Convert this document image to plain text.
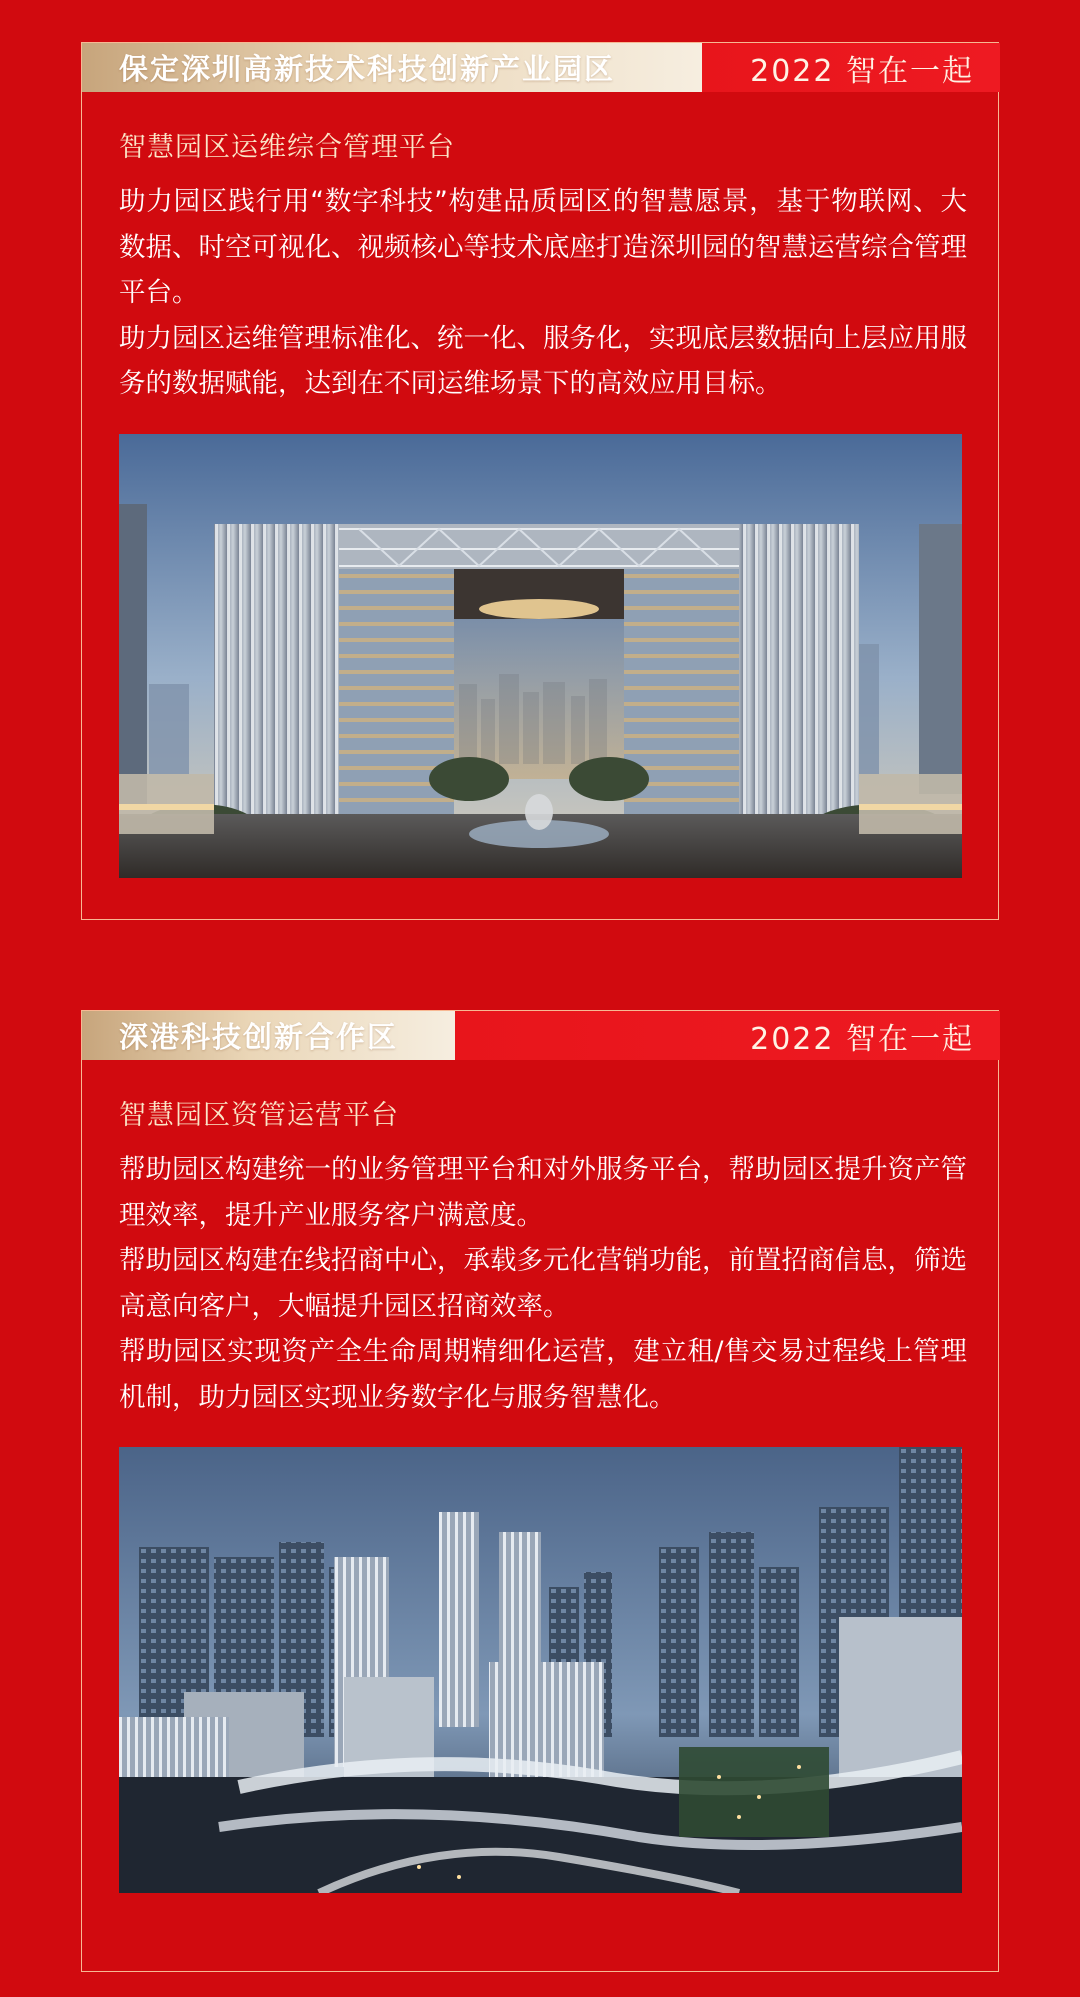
保定深圳高新技术科技创新产业园区	2022 智在一起
智慧园区运维综合管理平台

助力园区践行用“数字科技”构建品质园区的智慧愿景，基于物联网、大数据、时空可视化、视频核心等技术底座打造深圳园的智慧运营综合管理平台。

助力园区运维管理标准化、统一化、服务化，实现底层数据向上层应用服务的数据赋能，达到在不同运维场景下的高效应用目标。

深港科技创新合作区	2022 智在一起
智慧园区资管运营平台

帮助园区构建统一的业务管理平台和对外服务平台，帮助园区提升资产管理效率，提升产业服务客户满意度。

帮助园区构建在线招商中心，承载多元化营销功能，前置招商信息，筛选高意向客户，大幅提升园区招商效率。

帮助园区实现资产全生命周期精细化运营，建立租/售交易过程线上管理机制，助力园区实现业务数字化与服务智慧化。
